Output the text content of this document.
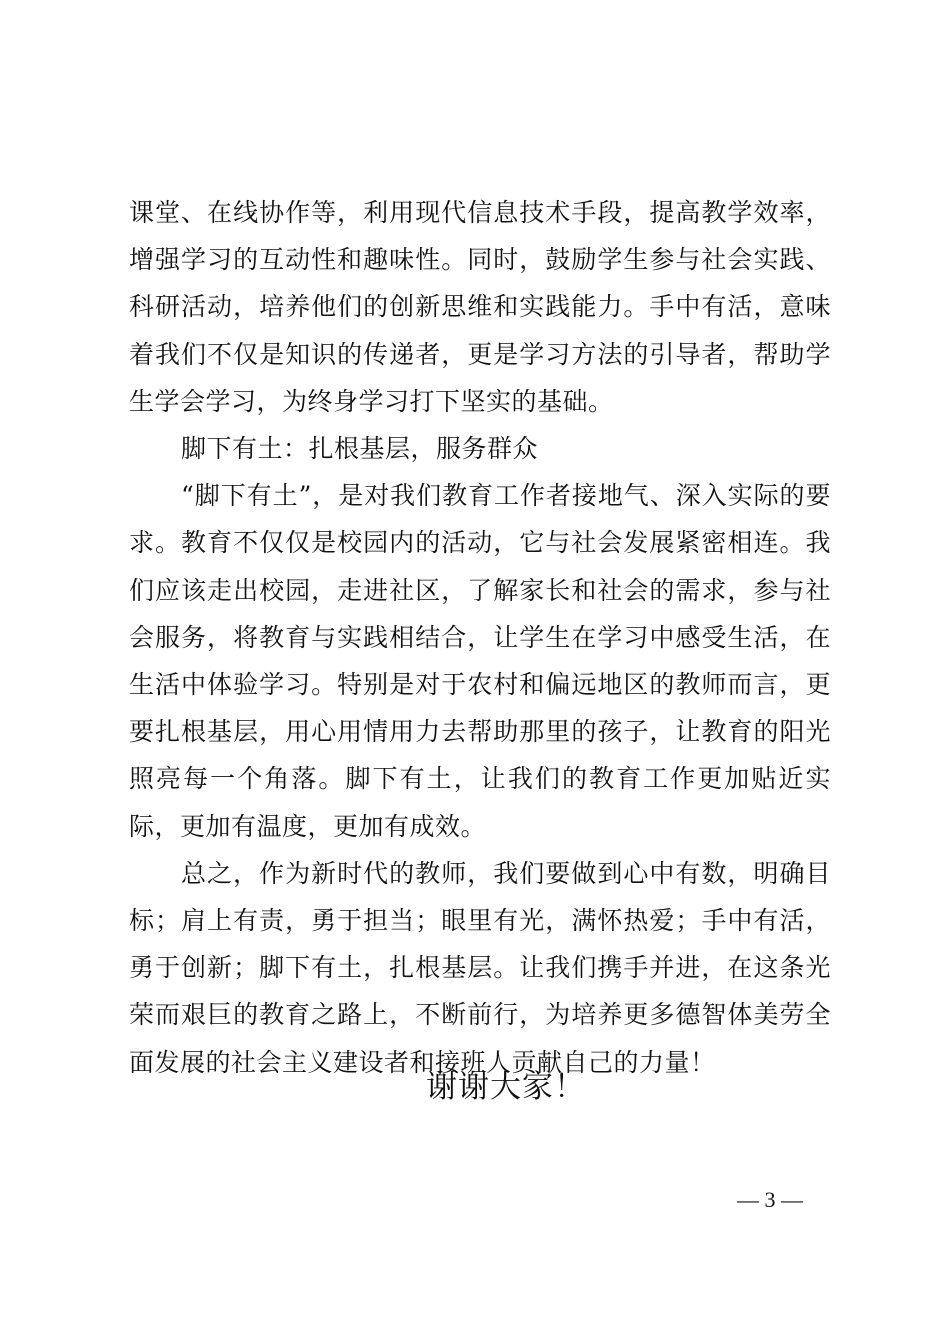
课堂、在线协作等，利用现代信息技术手段，提高教学效率，增强学习的互动性和趣味性。同时，鼓励学生参与社会实践、科研活动，培养他们的创新思维和实践能力。手中有活，意味着我们不仅是知识的传递者，更是学习方法的引导者，帮助学生学会学习，为终身学习打下坚实的基础。

脚下有土：扎根基层，服务群众

“脚下有土”，是对我们教育工作者接地气、深入实际的要求。教育不仅仅是校园内的活动，它与社会发展紧密相连。我们应该走出校园，走进社区，了解家长和社会的需求，参与社会服务，将教育与实践相结合，让学生在学习中感受生活，在生活中体验学习。特别是对于农村和偏远地区的教师而言，更要扎根基层，用心用情用力去帮助那里的孩子，让教育的阳光照亮每一个角落。脚下有土，让我们的教育工作更加贴近实际，更加有温度，更加有成效。

总之，作为新时代的教师，我们要做到心中有数，明确目标；肩上有责，勇于担当；眼里有光，满怀热爱；手中有活，勇于创新；脚下有土，扎根基层。让我们携手并进，在这条光荣而艰巨的教育之路上，不断前行，为培养更多德智体美劳全面发展的社会主义建设者和接班人贡献自己的力量！

谢谢大家！
— 3 —
